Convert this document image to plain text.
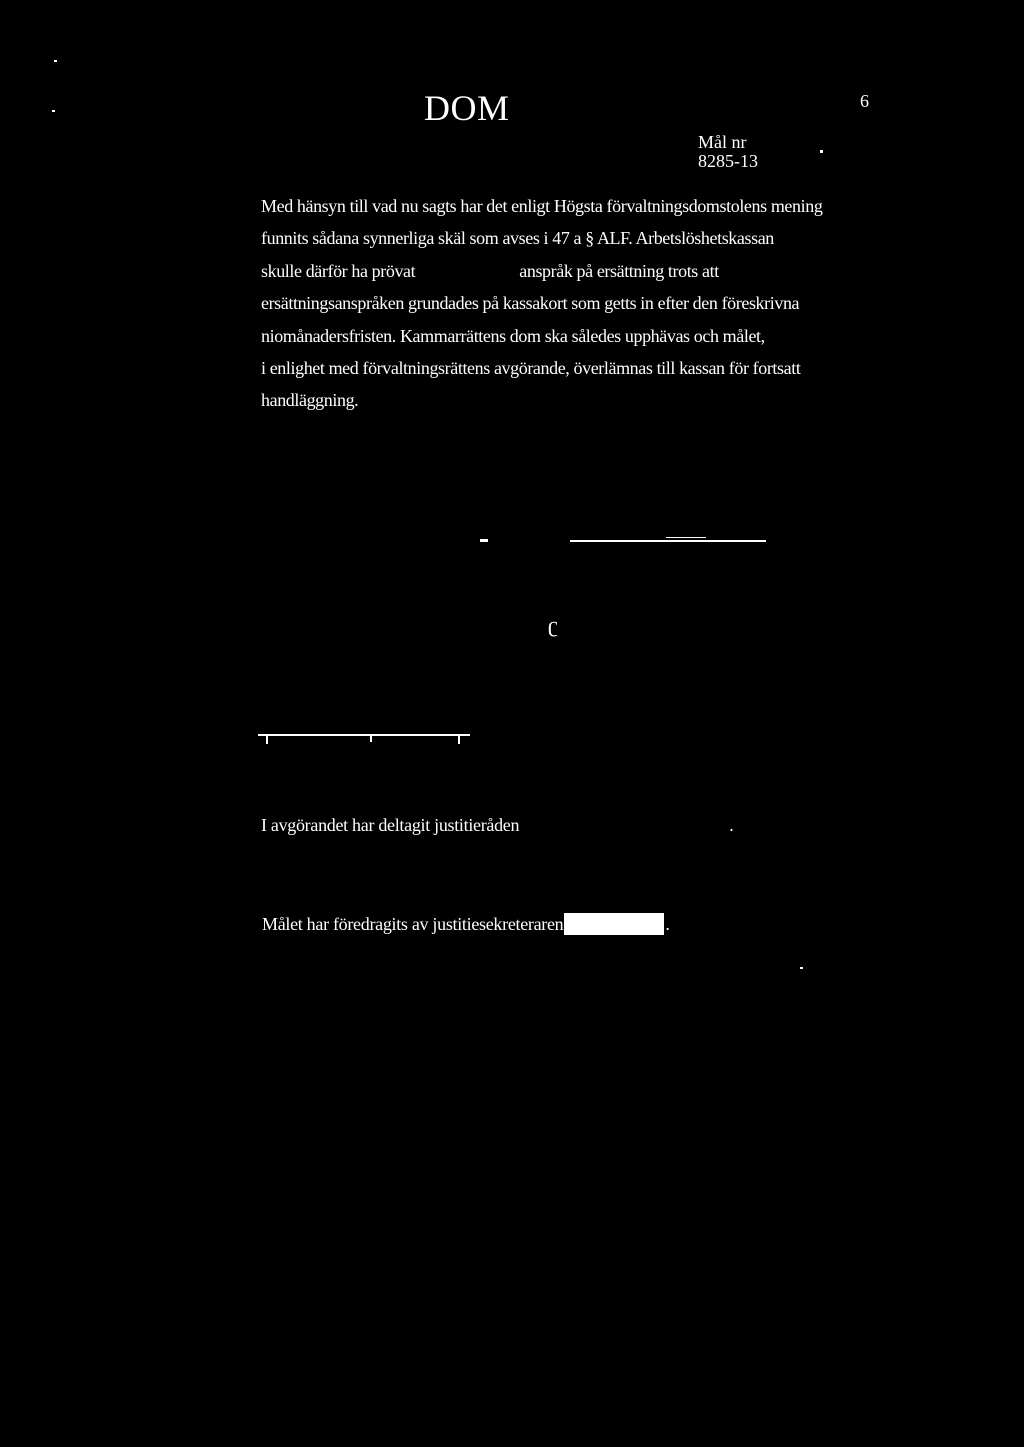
DOM	6
Mål nr
8285-13
Med hänsyn till vad nu sagts har det enligt Högsta förvaltningsdomstolens mening
funnits sådana synnerliga skäl som avses i 47 a § ALF. Arbetslöshetskassan
skulle därför ha prövat	anspråk på ersättning trots att
ersättningsanspråken grundades på kassakort som getts in efter den föreskrivna
niomånadersfristen. Kammarrättens dom ska således upphävas och målet,
i enlighet med förvaltningsrättens avgörande, överlämnas till kassan för fortsatt
handläggning.
ʗ
I avgörandet har deltagit justitieråden	.
Målet har föredragits av justitiesekreteraren	.
